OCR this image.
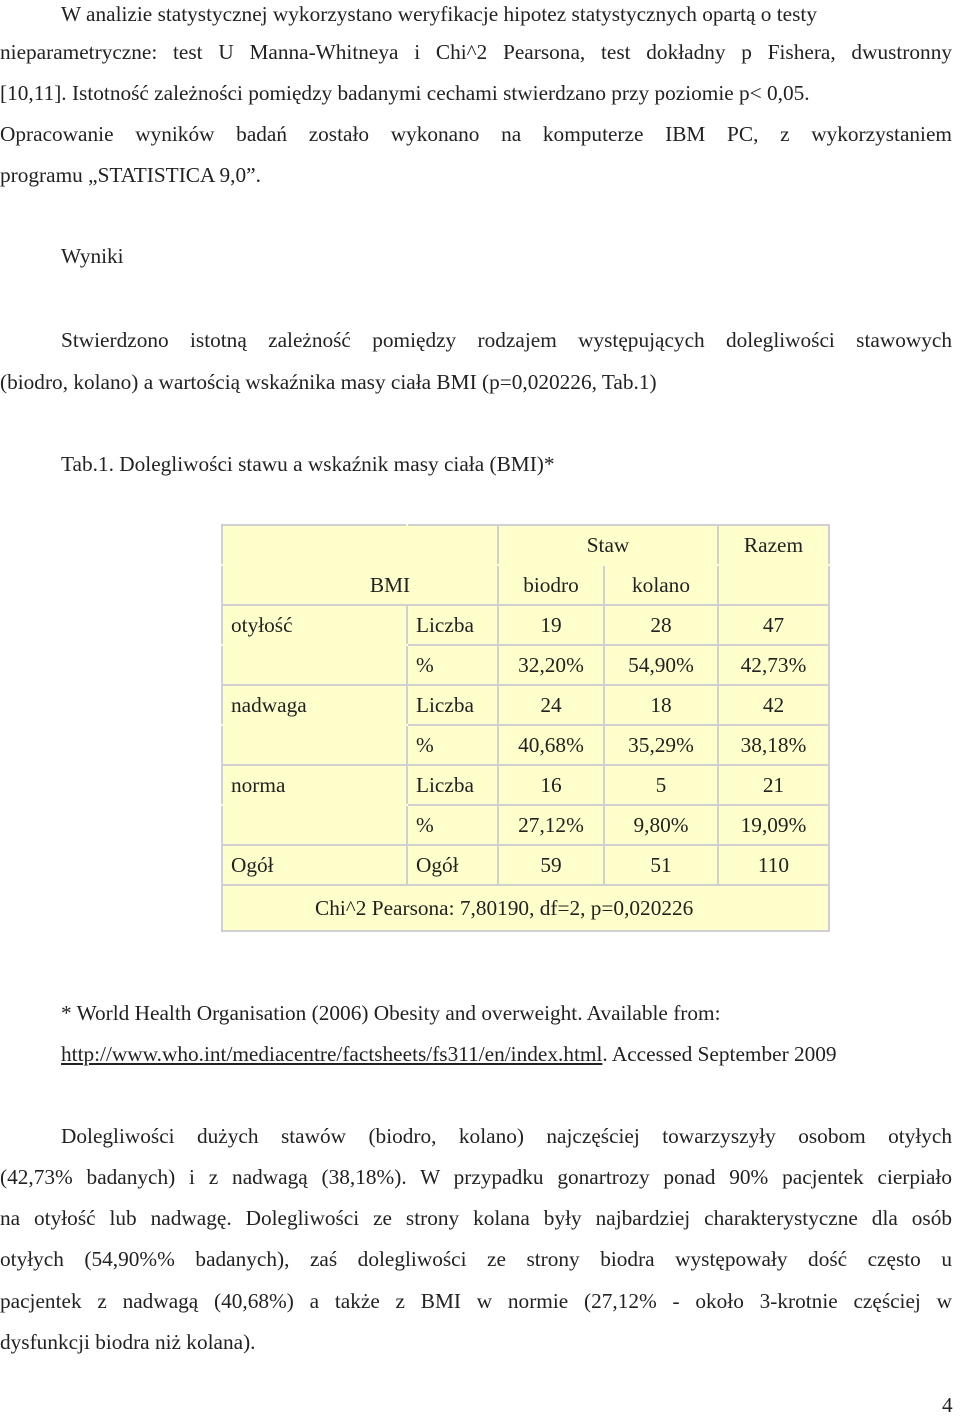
W analizie statystycznej wykorzystano weryfikacje hipotez statystycznych opartą o testy
nieparametryczne: test U Manna-Whitneya i Chi^2 Pearsona, test dokładny p Fishera, dwustronny
[10,11]. Istotność zależności pomiędzy badanymi cechami stwierdzano przy poziomie p< 0,05.
Opracowanie wyników badań zostało wykonano na komputerze IBM PC, z wykorzystaniem
programu „STATISTICA 9,0”.
Wyniki
Stwierdzono istotną zależność pomiędzy rodzajem występujących dolegliwości stawowych
(biodro, kolano) a wartością wskaźnika masy ciała BMI (p=0,020226, Tab.1)
Tab.1. Dolegliwości stawu a wskaźnik masy ciała (BMI)*
		Staw		Razem
BMI		biodro	kolano	
otyłość	Liczba	19	28	47
	%	32,20%	54,90%	42,73%
nadwaga	Liczba	24	18	42
	%	40,68%	35,29%	38,18%
norma	Liczba	16	5	21
	%	27,12%	9,80%	19,09%
Ogół	Ogół	59	51	110
Chi^2 Pearsona: 7,80190, df=2, p=0,020226				
* World Health Organisation (2006) Obesity and overweight. Available from:
http://www.who.int/mediacentre/factsheets/fs311/en/index.html. Accessed September 2009
Dolegliwości dużych stawów (biodro, kolano) najczęściej towarzyszyły osobom otyłych
(42,73% badanych) i z nadwagą (38,18%). W przypadku gonartrozy ponad 90% pacjentek cierpiało
na otyłość lub nadwagę. Dolegliwości ze strony kolana były najbardziej charakterystyczne dla osób
otyłych (54,90%% badanych), zaś dolegliwości ze strony biodra występowały dość często u
pacjentek z nadwagą (40,68%) a także z BMI w normie (27,12% - około 3-krotnie częściej w
dysfunkcji biodra niż kolana).
4
